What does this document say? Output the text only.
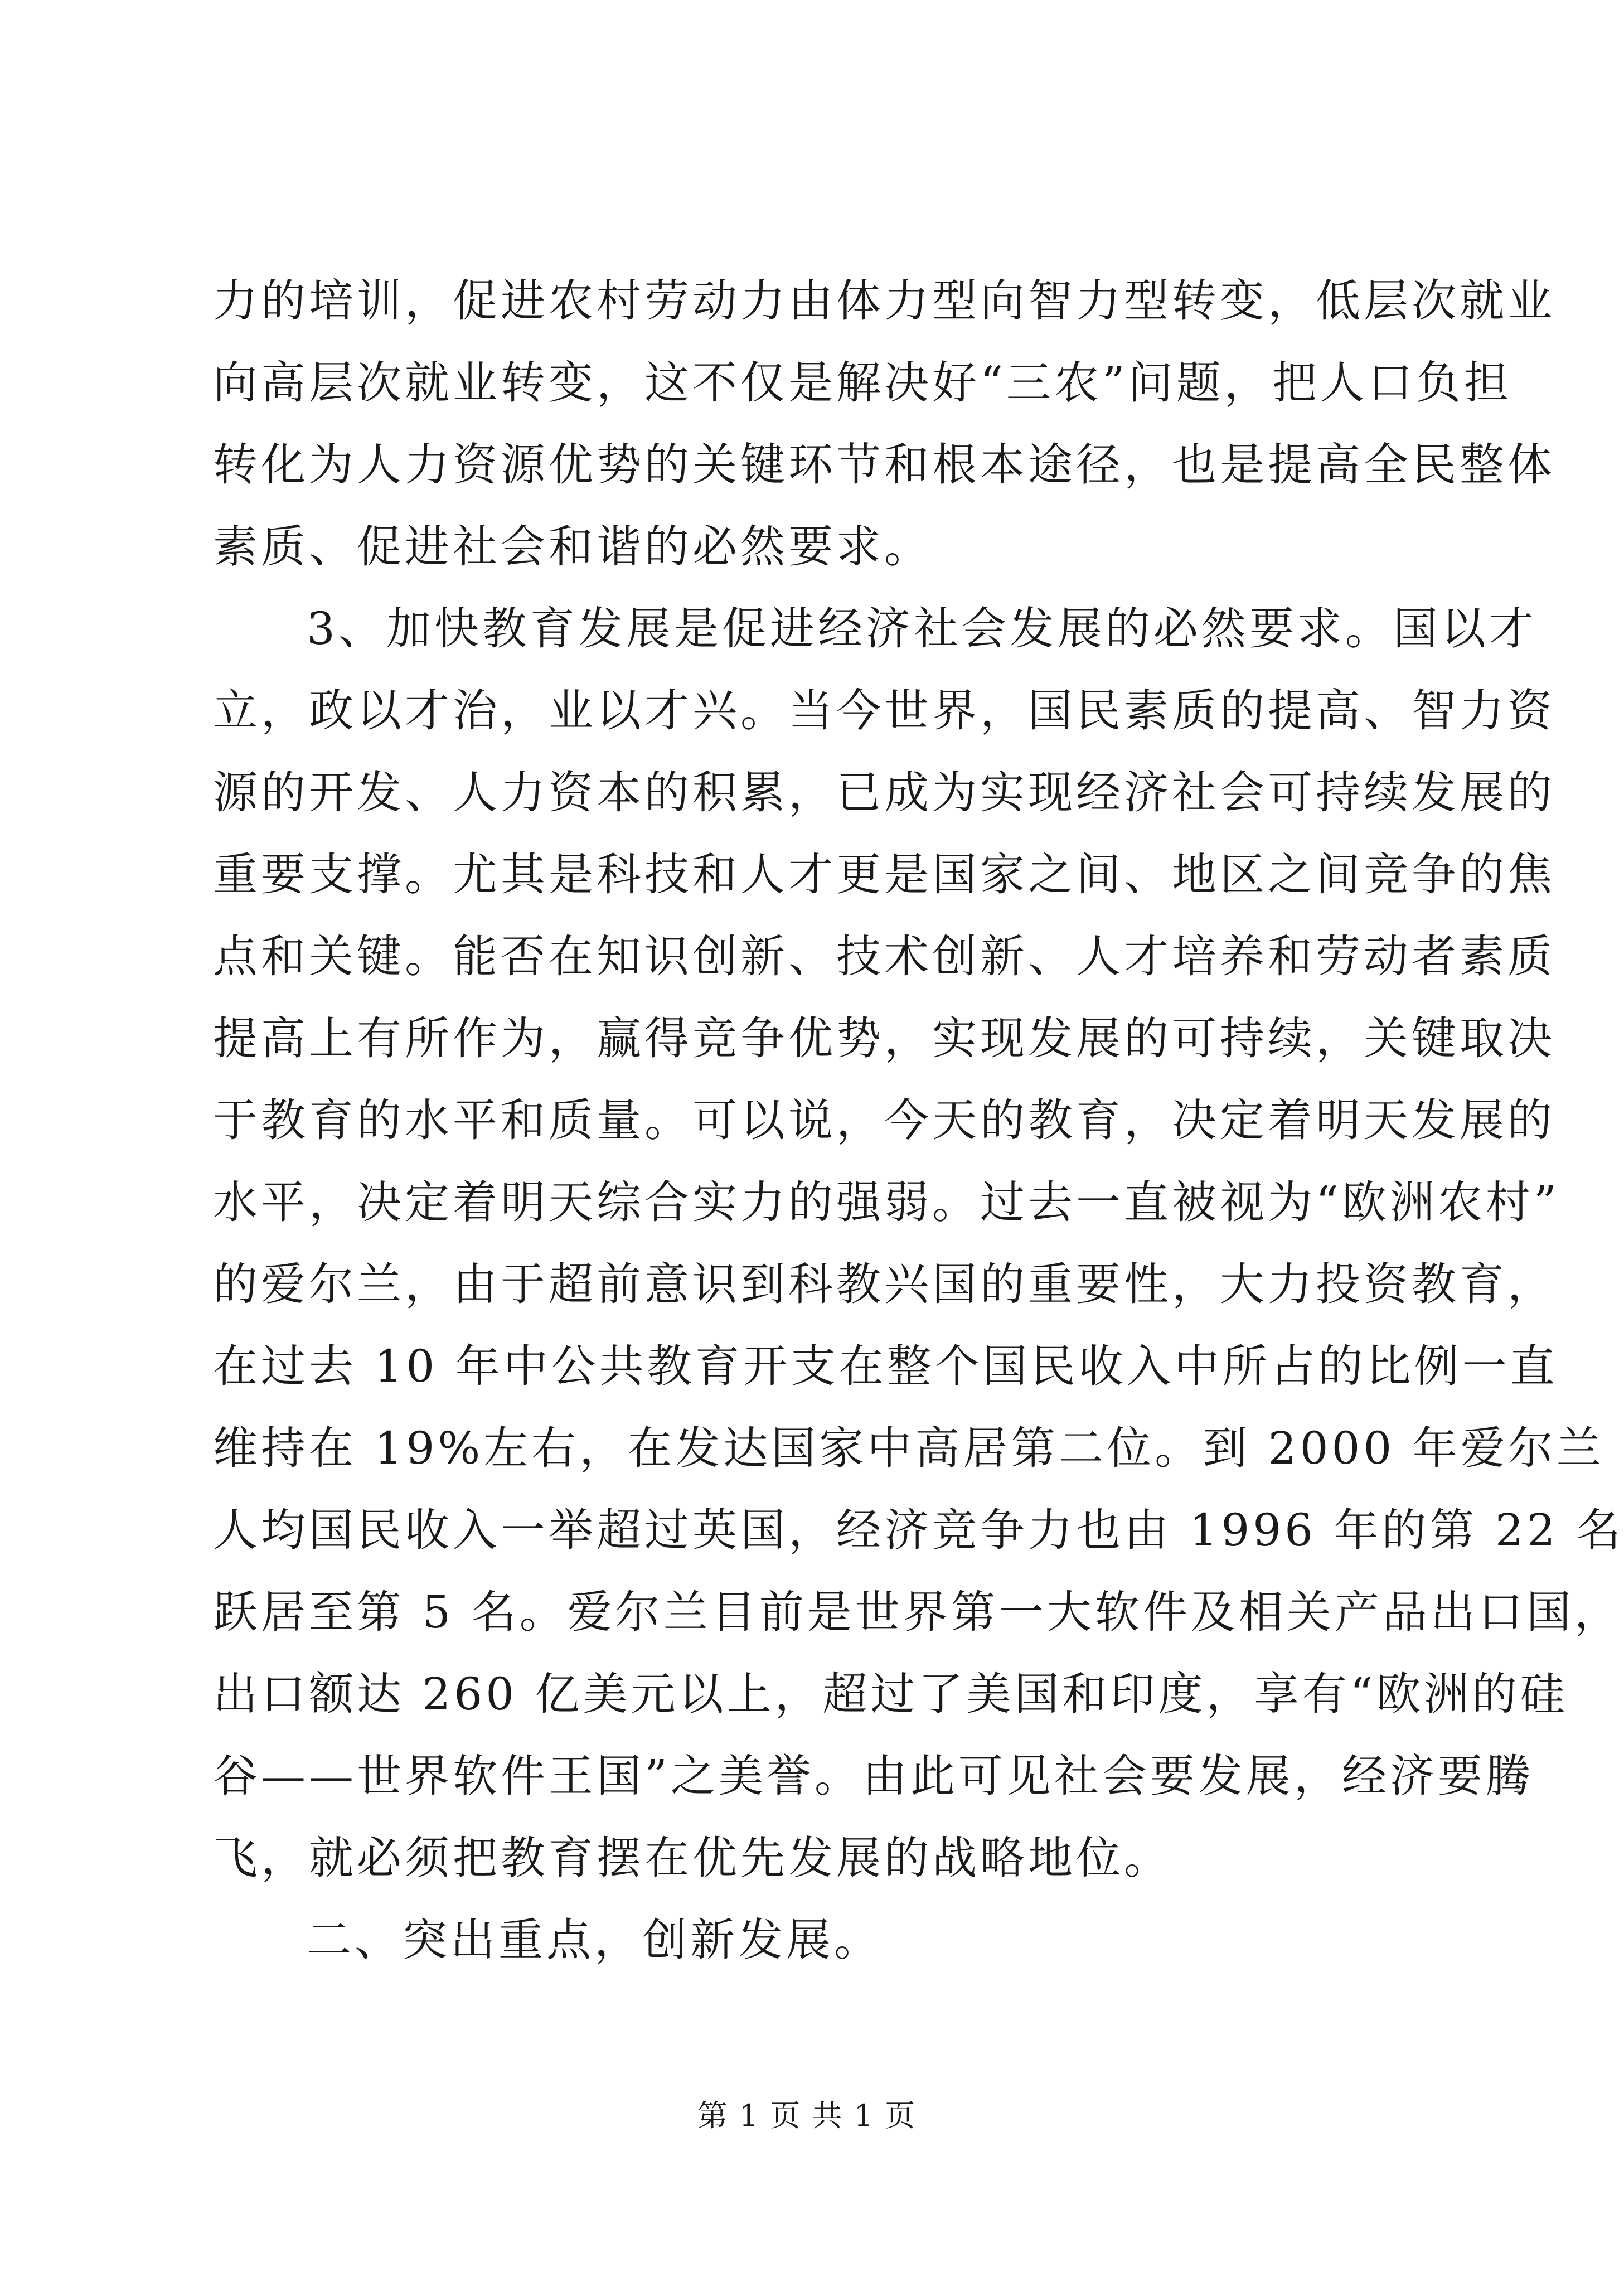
力的培训，促进农村劳动力由体力型向智力型转变，低层次就业
向高层次就业转变，这不仅是解决好“三农”问题，把人口负担
转化为人力资源优势的关键环节和根本途径，也是提高全民整体
素质、促进社会和谐的必然要求。
3、加快教育发展是促进经济社会发展的必然要求。国以才
立，政以才治，业以才兴。当今世界，国民素质的提高、智力资
源的开发、人力资本的积累，已成为实现经济社会可持续发展的
重要支撑。尤其是科技和人才更是国家之间、地区之间竞争的焦
点和关键。能否在知识创新、技术创新、人才培养和劳动者素质
提高上有所作为，赢得竞争优势，实现发展的可持续，关键取决
于教育的水平和质量。可以说，今天的教育，决定着明天发展的
水平，决定着明天综合实力的强弱。过去一直被视为“欧洲农村”
的爱尔兰，由于超前意识到科教兴国的重要性，大力投资教育，
在过去 10 年中公共教育开支在整个国民收入中所占的比例一直
维持在 19%左右，在发达国家中高居第二位。到 2000 年爱尔兰
人均国民收入一举超过英国，经济竞争力也由 1996 年的第 22 名
跃居至第 5 名。爱尔兰目前是世界第一大软件及相关产品出口国，
出口额达 260 亿美元以上，超过了美国和印度，享有“欧洲的硅
谷——世界软件王国”之美誉。由此可见社会要发展，经济要腾
飞，就必须把教育摆在优先发展的战略地位。
二、突出重点，创新发展。
第 1 页 共 1 页
